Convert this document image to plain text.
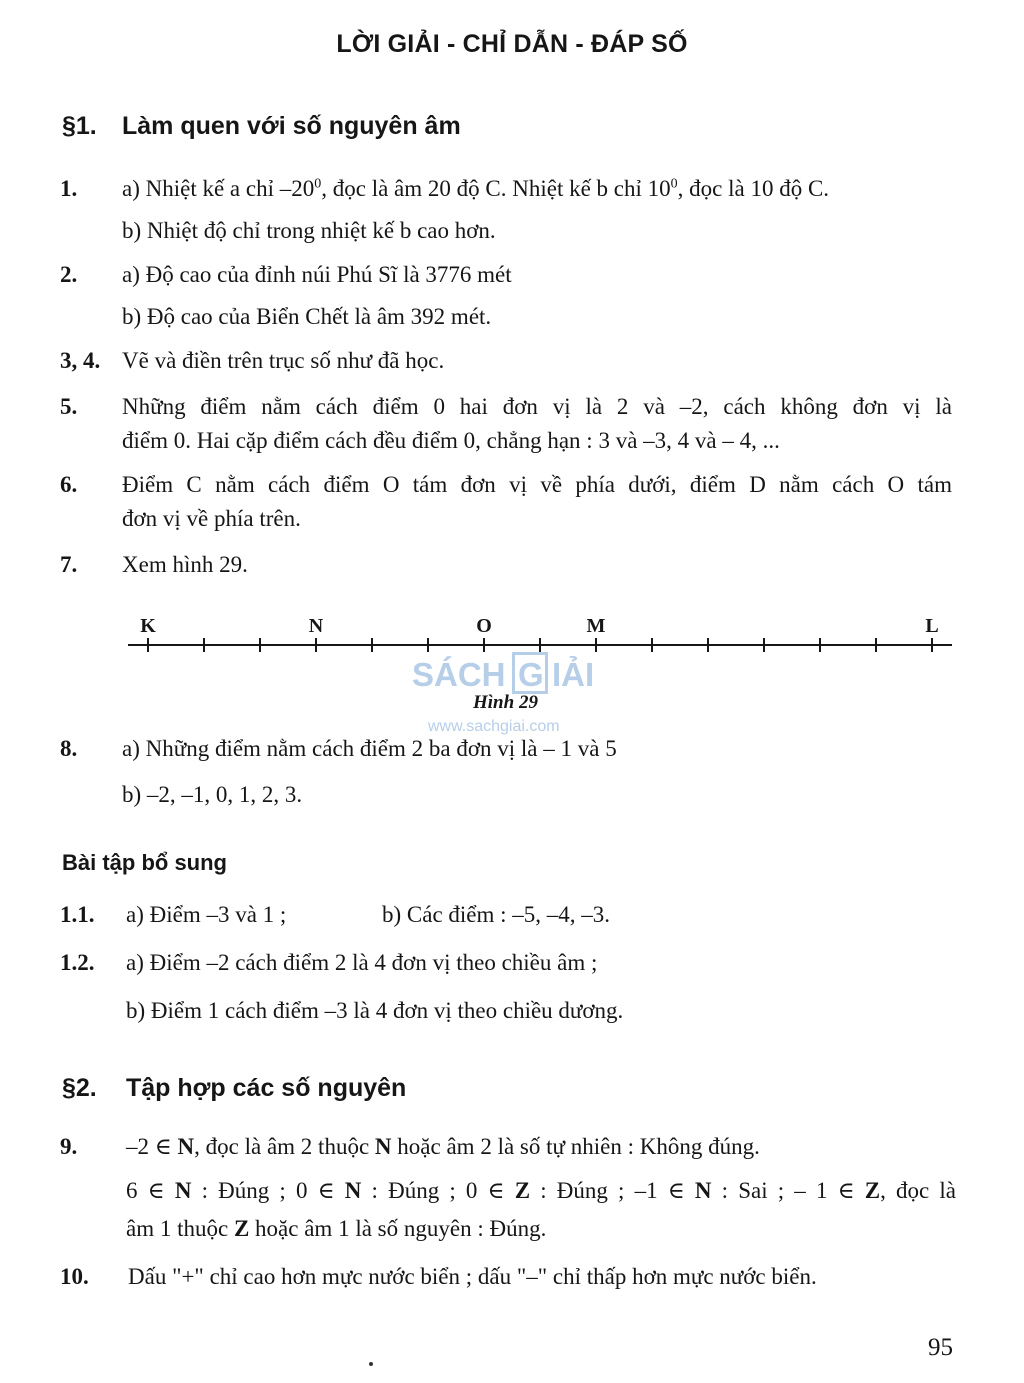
LỜI GIẢI - CHỈ DẪN - ĐÁP SỐ
§1. Làm quen với số nguyên âm
1. a) Nhiệt kế a chỉ $-20^0$, đọc là âm 20 độ C. Nhiệt kế b chỉ $10^0$, đọc là 10 độ C.
b) Nhiệt độ chỉ trong nhiệt kế b cao hơn.
2. a) Độ cao của đỉnh núi Phú Sĩ là 3776 mét
b) Độ cao của Biển Chết là âm 392 mét.
3, 4. Vẽ và điền trên trục số như đã học.
5. Những điểm nằm cách điểm 0 hai đơn vị là 2 và –2, cách không đơn vị là
điểm 0. Hai cặp điểm cách đều điểm 0, chẳng hạn : 3 và –3, 4 và – 4, ...
6. Điểm C nằm cách điểm O tám đơn vị về phía dưới, điểm D nằm cách O tám
đơn vị về phía trên.
7. Xem hình 29.
SÁCH G IẢI
www.sachgiai.com
K	N	O	M	L
Hình 29
8. a) Những điểm nằm cách điểm 2 ba đơn vị là – 1 và 5
b) –2, –1, 0, 1, 2, 3.
Bài tập bổ sung
1.1. a) Điểm –3 và 1 ;	b) Các điểm : –5, –4, –3.
1.2. a) Điểm –2 cách điểm 2 là 4 đơn vị theo chiều âm ;
b) Điểm 1 cách điểm –3 là 4 đơn vị theo chiều dương.
§2. Tập hợp các số nguyên
9. –2 ∈ N, đọc là âm 2 thuộc N hoặc âm 2 là số tự nhiên : Không đúng.
6 ∈ N : Đúng ; 0 ∈ N : Đúng ; 0 ∈ Z : Đúng ; –1 ∈ N : Sai ; – 1 ∈ Z, đọc là
âm 1 thuộc Z hoặc âm 1 là số nguyên : Đúng.
10. Dấu "+" chỉ cao hơn mực nước biển ; dấu "–" chỉ thấp hơn mực nước biển.
95
